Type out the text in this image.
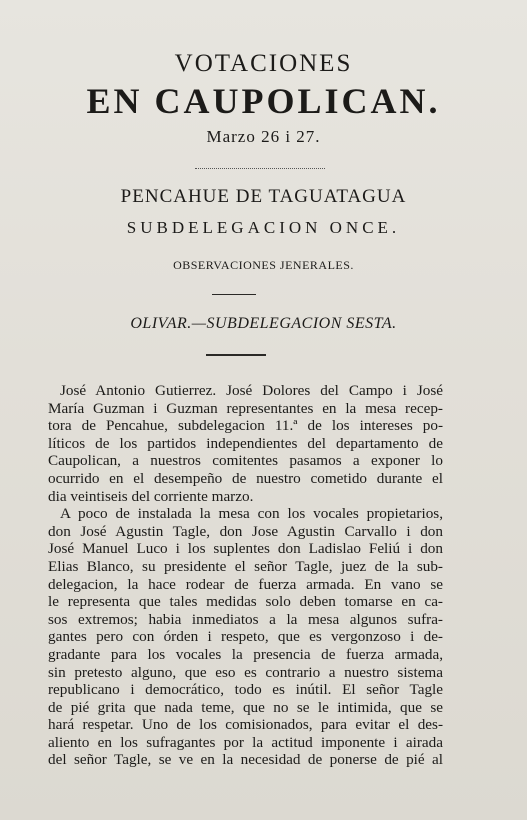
VOTACIONES
EN CAUPOLICAN.
Marzo 26 i 27.
PENCAHUE DE TAGUATAGUA
SUBDELEGACION ONCE.
OBSERVACIONES JENERALES.
OLIVAR.—SUBDELEGACION SESTA.
José Antonio Gutierrez. José Dolores del Campo i José
María Guzman i Guzman representantes en la mesa recep-
tora de Pencahue, subdelegacion 11.ª de los intereses po-
líticos de los partidos independientes del departamento de
Caupolican, a nuestros comitentes pasamos a exponer lo
ocurrido en el desempeño de nuestro cometido durante el
dia veintiseis del corriente marzo.
A poco de instalada la mesa con los vocales propietarios,
don José Agustin Tagle, don Jose Agustin Carvallo i don
José Manuel Luco i los suplentes don Ladislao Feliú i don
Elias Blanco, su presidente el señor Tagle, juez de la sub-
delegacion, la hace rodear de fuerza armada. En vano se
le representa que tales medidas solo deben tomarse en ca-
sos extremos; habia inmediatos a la mesa algunos sufra-
gantes pero con órden i respeto, que es vergonzoso i de-
gradante para los vocales la presencia de fuerza armada,
sin pretesto alguno, que eso es contrario a nuestro sistema
republicano i democrático, todo es inútil. El señor Tagle
de pié grita que nada teme, que no se le intimida, que se
hará respetar. Uno de los comisionados, para evitar el des-
aliento en los sufragantes por la actitud imponente i airada
del señor Tagle, se ve en la necesidad de ponerse de pié al
